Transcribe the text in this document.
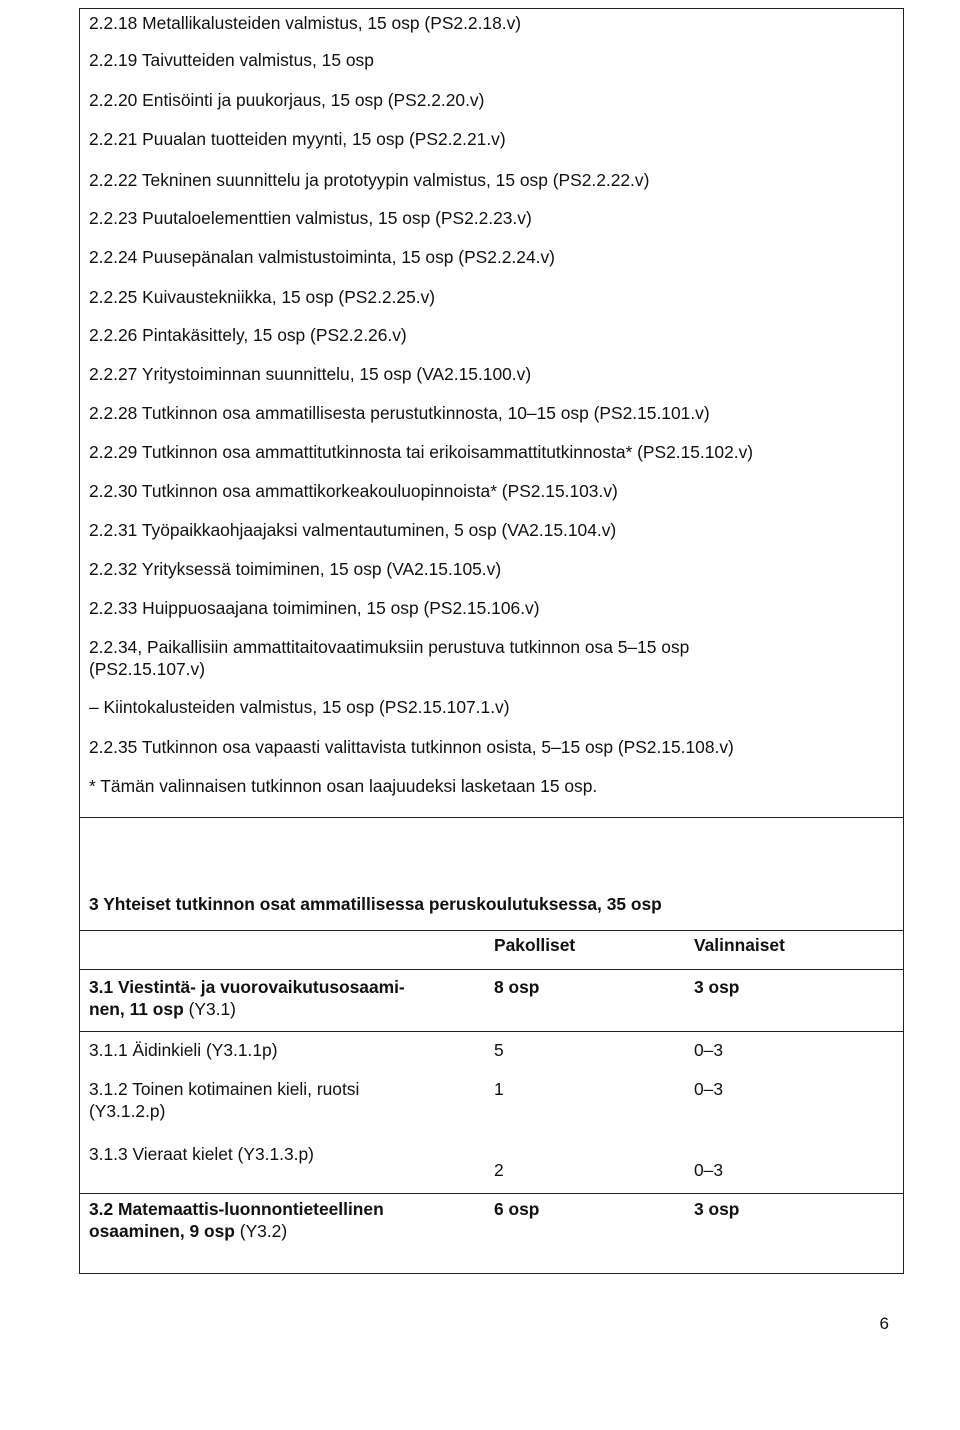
2.2.18 Metallikalusteiden valmistus, 15 osp (PS2.2.18.v)
2.2.19 Taivutteiden valmistus, 15 osp
2.2.20 Entisöinti ja puukorjaus, 15 osp (PS2.2.20.v)
2.2.21 Puualan tuotteiden myynti, 15 osp (PS2.2.21.v)
2.2.22 Tekninen suunnittelu ja prototyypin valmistus, 15 osp (PS2.2.22.v)
2.2.23 Puutaloelementtien valmistus, 15 osp (PS2.2.23.v)
2.2.24 Puusepänalan valmistustoiminta, 15 osp (PS2.2.24.v)
2.2.25 Kuivaustekniikka, 15 osp (PS2.2.25.v)
2.2.26 Pintakäsittely, 15 osp (PS2.2.26.v)
2.2.27 Yritystoiminnan suunnittelu, 15 osp (VA2.15.100.v)
2.2.28 Tutkinnon osa ammatillisesta perustutkinnosta, 10–15 osp (PS2.15.101.v)
2.2.29 Tutkinnon osa ammattitutkinnosta tai erikoisammattitutkinnosta* (PS2.15.102.v)
2.2.30 Tutkinnon osa ammattikorkeakouluopinnoista* (PS2.15.103.v)
2.2.31 Työpaikkaohjaajaksi valmentautuminen, 5 osp (VA2.15.104.v)
2.2.32 Yrityksessä toimiminen, 15 osp (VA2.15.105.v)
2.2.33 Huippuosaajana toimiminen, 15 osp (PS2.15.106.v)
2.2.34, Paikallisiin ammattitaitovaatimuksiin perustuva tutkinnon osa 5–15 osp (PS2.15.107.v)
– Kiintokalusteiden valmistus, 15 osp (PS2.15.107.1.v)
2.2.35 Tutkinnon osa vapaasti valittavista tutkinnon osista, 5–15 osp (PS2.15.108.v)
* Tämän valinnaisen tutkinnon osan laajuudeksi lasketaan 15 osp.
3 Yhteiset tutkinnon osat ammatillisessa peruskoulutuksessa, 35 osp
Pakolliset	Valinnaiset
3.1 Viestintä- ja vuorovaikutusosaami-
nen, 11 osp (Y3.1)
8 osp	3 osp
3.1.1 Äidinkieli (Y3.1.1p)	5	0–3
3.1.2 Toinen kotimainen kieli, ruotsi
(Y3.1.2.p)
1	0–3
3.1.3 Vieraat kielet (Y3.1.3.p)
2	0–3
3.2 Matemaattis-luonnontieteellinen
osaaminen, 9 osp (Y3.2)
6 osp	3 osp
6
